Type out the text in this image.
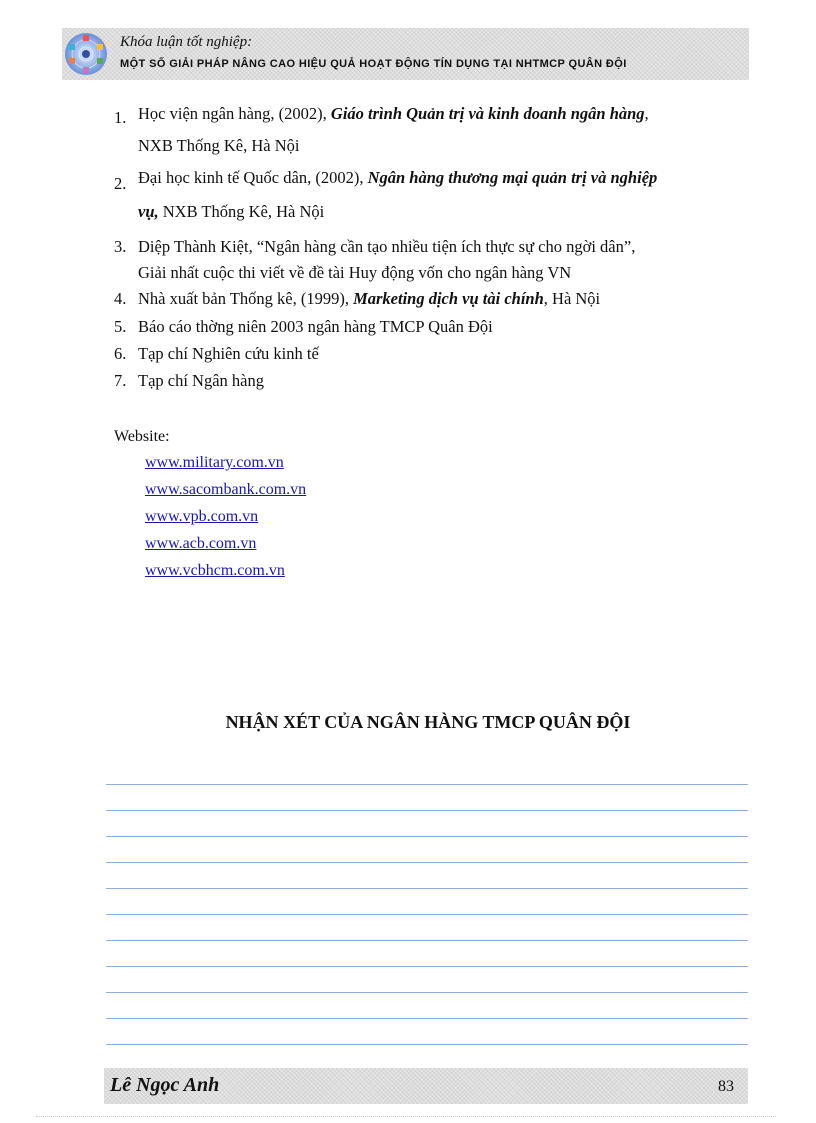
Khóa luận tốt nghiệp:
MỘT SỐ GIẢI PHÁP NÂNG CAO HIỆU QUẢ HOẠT ĐỘNG TÍN DỤNG TẠI NHTMCP QUÂN ĐỘI
1. Học viện ngân hàng, (2002), Giáo trình Quản trị và kinh doanh ngân hàng,
NXB Thống Kê, Hà Nội
2. Đại học kinh tế Quốc dân, (2002), Ngân hàng thương mại quản trị và nghiệp
vụ, NXB Thống Kê, Hà Nội
3. Diệp Thành Kiệt, “Ngân hàng cần tạo nhiều tiện ích thực sự cho ngời dân”,
Giải nhất cuộc thi viết về đề tài Huy động vốn cho ngân hàng VN
4. Nhà xuất bản Thống kê, (1999), Marketing dịch vụ tài chính, Hà Nội
5. Báo cáo thờng niên 2003 ngân hàng TMCP Quân Đội
6. Tạp chí Nghiên cứu kinh tế
7. Tạp chí Ngân hàng
Website:
www.military.com.vn
www.sacombank.com.vn
www.vpb.com.vn
www.acb.com.vn
www.vcbhcm.com.vn
NHẬN XÉT CỦA NGÂN HÀNG TMCP QUÂN ĐỘI
Lê Ngọc Anh	83
